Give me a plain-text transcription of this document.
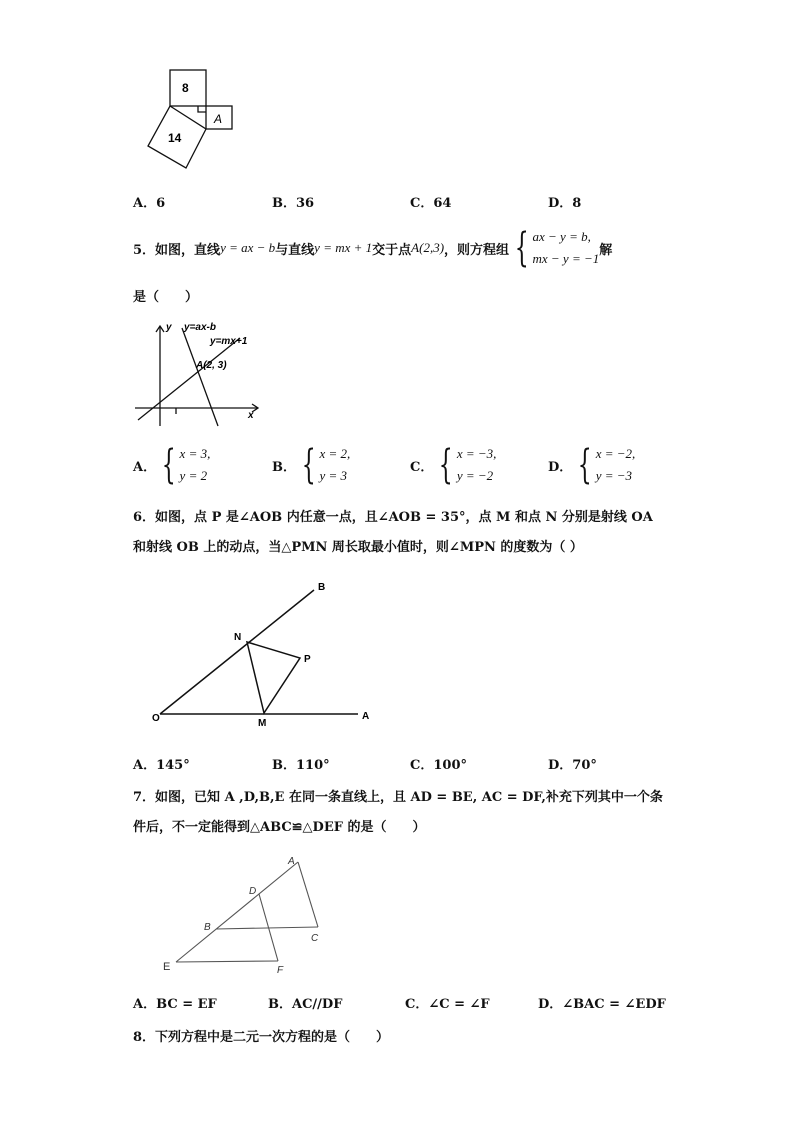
8
14
A
A．6	B．36	C．64	D．8
5． 如图，直线 y = ax − b 与直线 y = mx + 1 交于点 A(2,3) ，则方程组 { ax − y = b,
mx − y = −1
解
是（　　）
y
x
y=ax-b
y=mx+1
A(2, 3)
A． { x = 3,
y = 2
B． { x = 2,
y = 3
C． { x = −3,
y = −2
D． { x = −2,
y = −3
6．如图，点 P 是∠AOB 内任意一点，且∠AOB = 35°，点 M 和点 N 分别是射线 OA
和射线 OB 上的动点，当△PMN 周长取最小值时，则∠MPN 的度数为（ ）
O	A
B
N
M
P
A．145°	B．110°	C．100°	D．70°
7．如图，已知 A ,D,B,E 在同一条直线上，且 AD = BE, AC = DF,补充下列其中一个条
件后，不一定能得到△ABC≌△DEF 的是（　　）
A
D
B
C
E	F
A．BC = EF	B．AC//DF	C．∠C = ∠F	D．∠BAC = ∠EDF
8．下列方程中是二元一次方程的是（　　）
